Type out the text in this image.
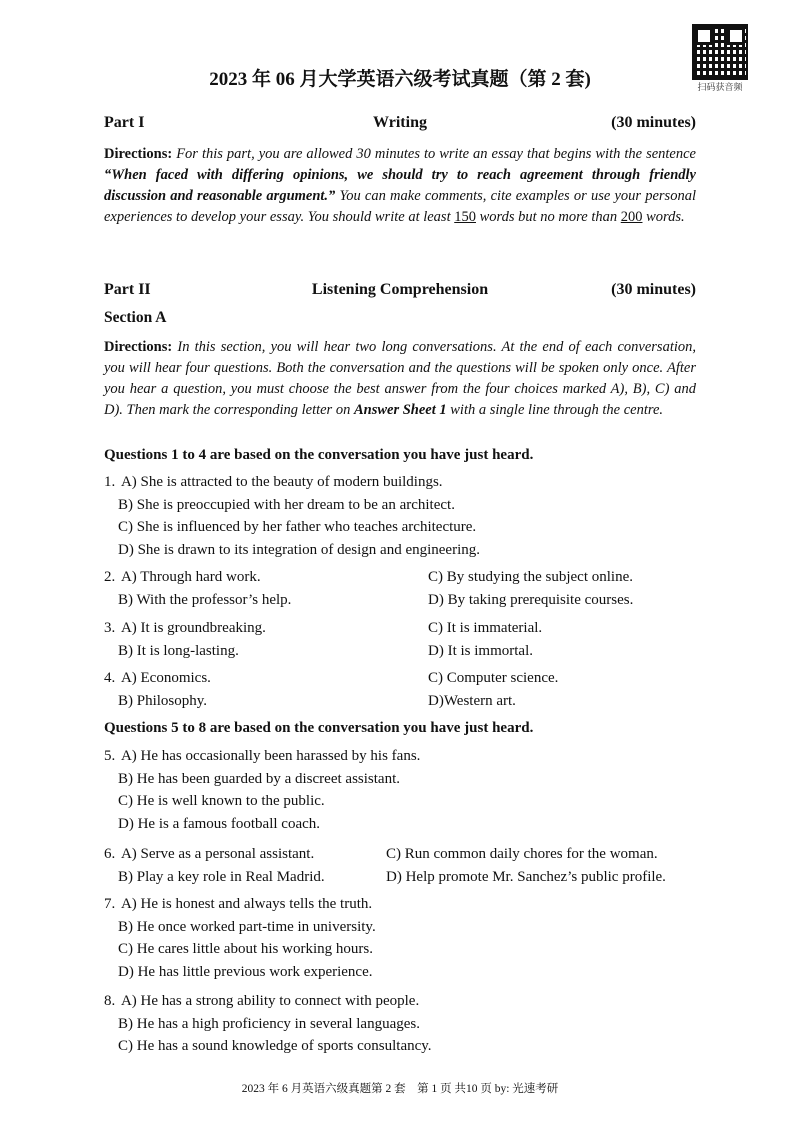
2023 年 06 月大学英语六级考试真题（第 2 套)	扫码获音频
Part I	Writing	(30 minutes)
Directions: For this part, you are allowed 30 minutes to write an essay that begins with the sentence “When faced with differing opinions, we should try to reach agreement through friendly discussion and reasonable argument.” You can make comments, cite examples or use your personal experiences to develop your essay. You should write at least 150 words but no more than 200 words.
Part II	Listening Comprehension	(30 minutes)
Section A
Directions: In this section, you will hear two long conversations. At the end of each conversation, you will hear four questions. Both the conversation and the questions will be spoken only once. After you hear a question, you must choose the best answer from the four choices marked A), B), C) and D). Then mark the corresponding letter on Answer Sheet 1 with a single line through the centre.
Questions 1 to 4 are based on the conversation you have just heard.
1. A) She is attracted to the beauty of modern buildings.
B) She is preoccupied with her dream to be an architect.
C) She is influenced by her father who teaches architecture.
D) She is drawn to its integration of design and engineering.
2. A) Through hard work.	C) By studying the subject online.
B) With the professor’s help.	D) By taking prerequisite courses.
3. A) It is groundbreaking.	C) It is immaterial.
B) It is long-lasting.	D) It is immortal.
4. A) Economics.	C) Computer science.
B) Philosophy.	D)Western art.
Questions 5 to 8 are based on the conversation you have just heard.
5. A) He has occasionally been harassed by his fans.
B) He has been guarded by a discreet assistant.
C) He is well known to the public.
D) He is a famous football coach.
6. A) Serve as a personal assistant.	C) Run common daily chores for the woman.
B) Play a key role in Real Madrid.	D) Help promote Mr. Sanchez’s public profile.
7. A) He is honest and always tells the truth.
B) He once worked part-time in university.
C) He cares little about his working hours.
D) He has little previous work experience.
8. A) He has a strong ability to connect with people.
B) He has a high proficiency in several languages.
C) He has a sound knowledge of sports consultancy.
2023 年 6 月英语六级真题第 2 套　第 1 页 共10 页 by: 光速考研
